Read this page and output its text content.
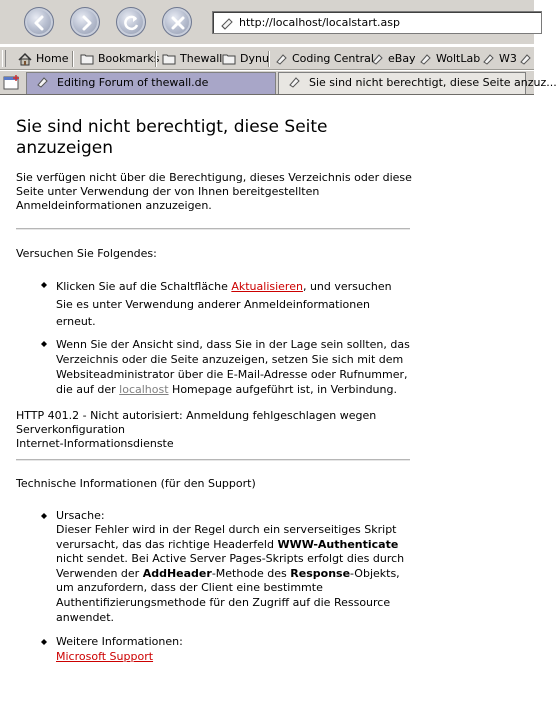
http://localhost/localstart.asp
Home	Bookmarks Thewall Dynu Coding Central eBay WoltLab W3
Editing Forum of thewall.de	Sie sind nicht berechtigt, diese Seite anzuz...
Sie sind nicht berechtigt, diese Seite anzuzeigen

Sie verfügen nicht über die Berechtigung, dieses Verzeichnis oder diese Seite unter Verwendung der von Ihnen bereitgestellten Anmeldeinformationen anzuzeigen.

Versuchen Sie Folgendes:

Klicken Sie auf die Schaltfläche Aktualisieren, und versuchen Sie es unter Verwendung anderer Anmeldeinformationen erneut.
Wenn Sie der Ansicht sind, dass Sie in der Lage sein sollten, das Verzeichnis oder die Seite anzuzeigen, setzen Sie sich mit dem Websiteadministrator über die E-Mail-Adresse oder Rufnummer, die auf der localhost Homepage aufgeführt ist, in Verbindung.

HTTP 401.2 - Nicht autorisiert: Anmeldung fehlgeschlagen wegen Serverkonfiguration

Internet-Informationsdienste

Technische Informationen (für den Support)

Ursache:
Dieser Fehler wird in der Regel durch ein serverseitiges Skript verursacht, das das richtige Headerfeld WWW-Authenticate nicht sendet. Bei Active Server Pages-Skripts erfolgt dies durch Verwenden der AddHeader-Methode des Response-Objekts, um anzufordern, dass der Client eine bestimmte Authentifizierungsmethode für den Zugriff auf die Ressource anwendet.
Weitere Informationen:
Microsoft Support
